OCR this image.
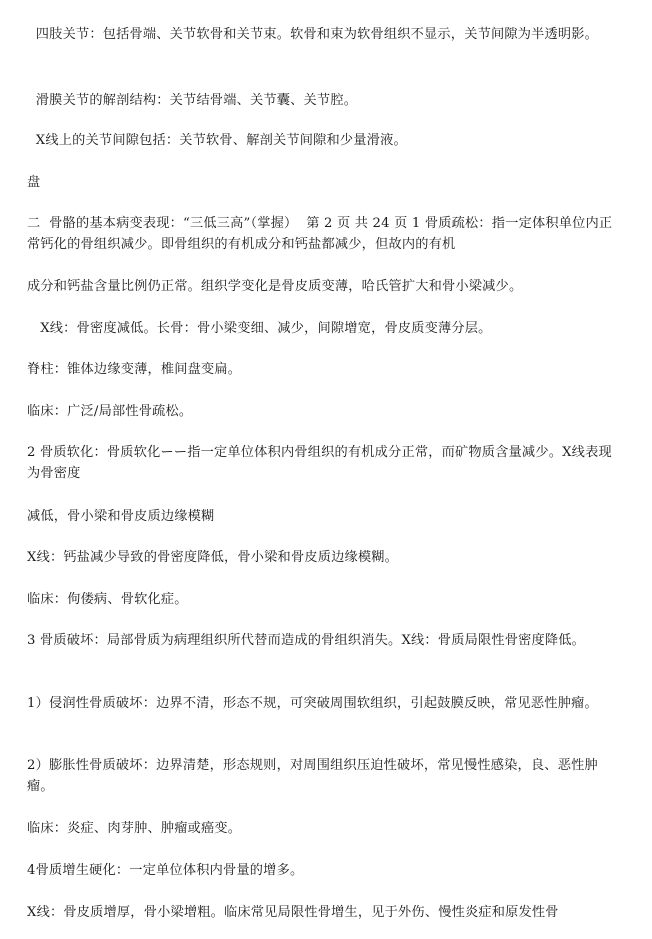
四肢关节：包括骨端、关节软骨和关节束。软骨和束为软骨组织不显示，关节间隙为半透明影。
滑膜关节的解剖结构：关节结骨端、关节囊、关节腔。
X线上的关节间隙包括：关节软骨、解剖关节间隙和少量滑液。
盘
二  骨骼的基本病变表现：“三低三高”（掌握）  第 2 页 共 24 页 1 骨质疏松：指一定体积单位内正常钙化的骨组织减少。即骨组织的有机成分和钙盐都减少，但故内的有机
成分和钙盐含量比例仍正常。组织学变化是骨皮质变薄，哈氏管扩大和骨小梁减少。
X线：骨密度减低。长骨：骨小梁变细、减少，间隙增宽，骨皮质变薄分层。
脊柱：锥体边缘变薄，椎间盘变扁。
临床：广泛/局部性骨疏松。
2 骨质软化：骨质软化ーー指一定单位体积内骨组织的有机成分正常，而矿物质含量减少。X线表现为骨密度
减低，骨小梁和骨皮质边缘模糊
X线：钙盐减少导致的骨密度降低，骨小梁和骨皮质边缘模糊。
临床：佝偻病、骨软化症。
3 骨质破坏：局部骨质为病理组织所代替而造成的骨组织消失。X线：骨质局限性骨密度降低。
1）侵润性骨质破坏：边界不清，形态不规，可突破周围软组织，引起鼓膜反映，常见恶性肿瘤。
2）膨胀性骨质破坏：边界清楚，形态规则，对周围组织压迫性破坏，常见慢性感染，良、恶性肿瘤。
临床：炎症、肉芽肿、肿瘤或癌变。
4骨质增生硬化：一定单位体积内骨量的增多。
X线：骨皮质增厚，骨小梁增粗。临床常见局限性骨增生，见于外伤、慢性炎症和原发性骨
